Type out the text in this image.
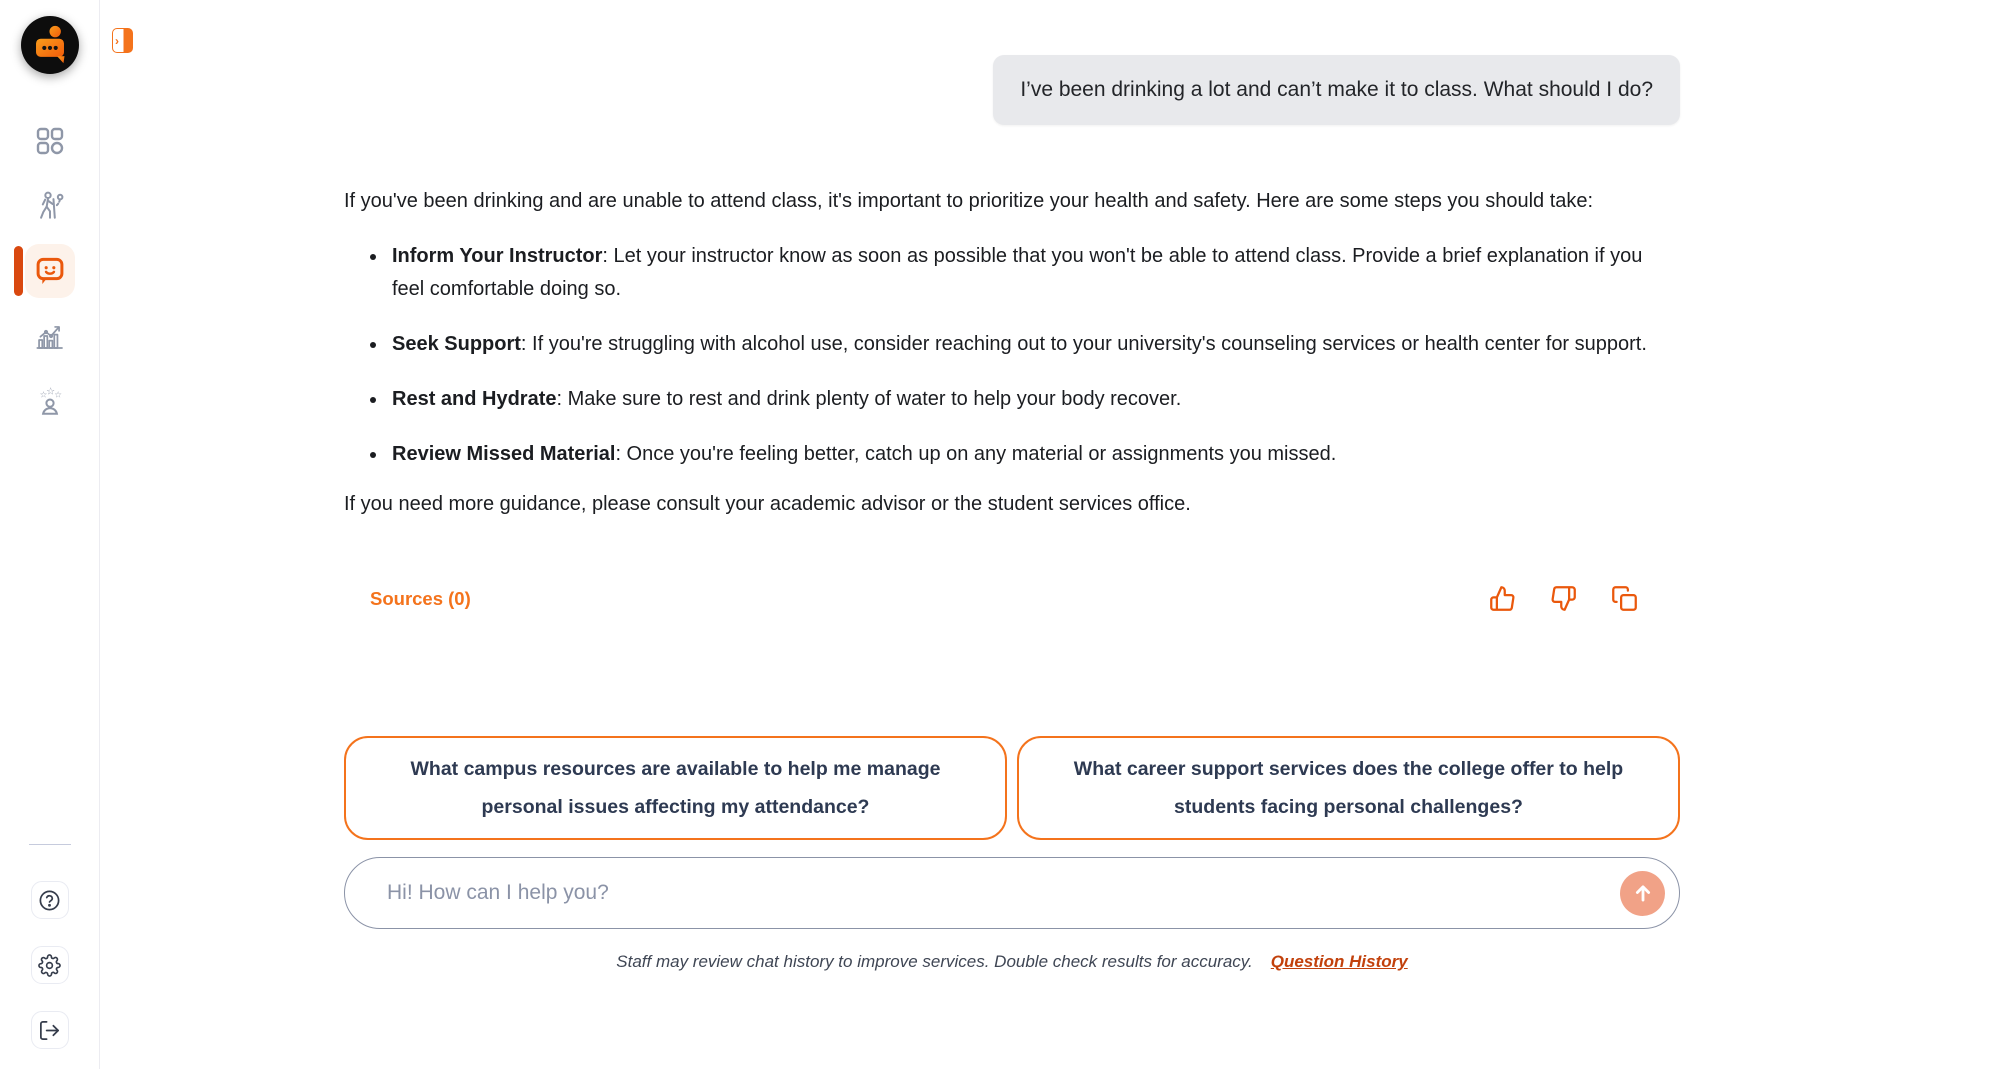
☆
☆ ☆
›
I’ve been drinking a lot and can’t make it to class. What should I do?

If you've been drinking and are unable to attend class, it's important to prioritize your health and safety. Here are some steps you should take:

• Inform Your Instructor: Let your instructor know as soon as possible that you won't be able to attend class. Provide a brief explanation if you feel comfortable doing so.
• Seek Support: If you're struggling with alcohol use, consider reaching out to your university's counseling services or health center for support.
• Rest and Hydrate: Make sure to rest and drink plenty of water to help your body recover.
• Review Missed Material: Once you're feeling better, catch up on any material or assignments you missed.

If you need more guidance, please consult your academic advisor or the student services office.

Sources (0)
What campus resources are available to help me manage personal issues affecting my attendance?
What career support services does the college offer to help students facing personal challenges?
Hi! How can I help you?
Staff may review chat history to improve services. Double check results for accuracy. Question History
